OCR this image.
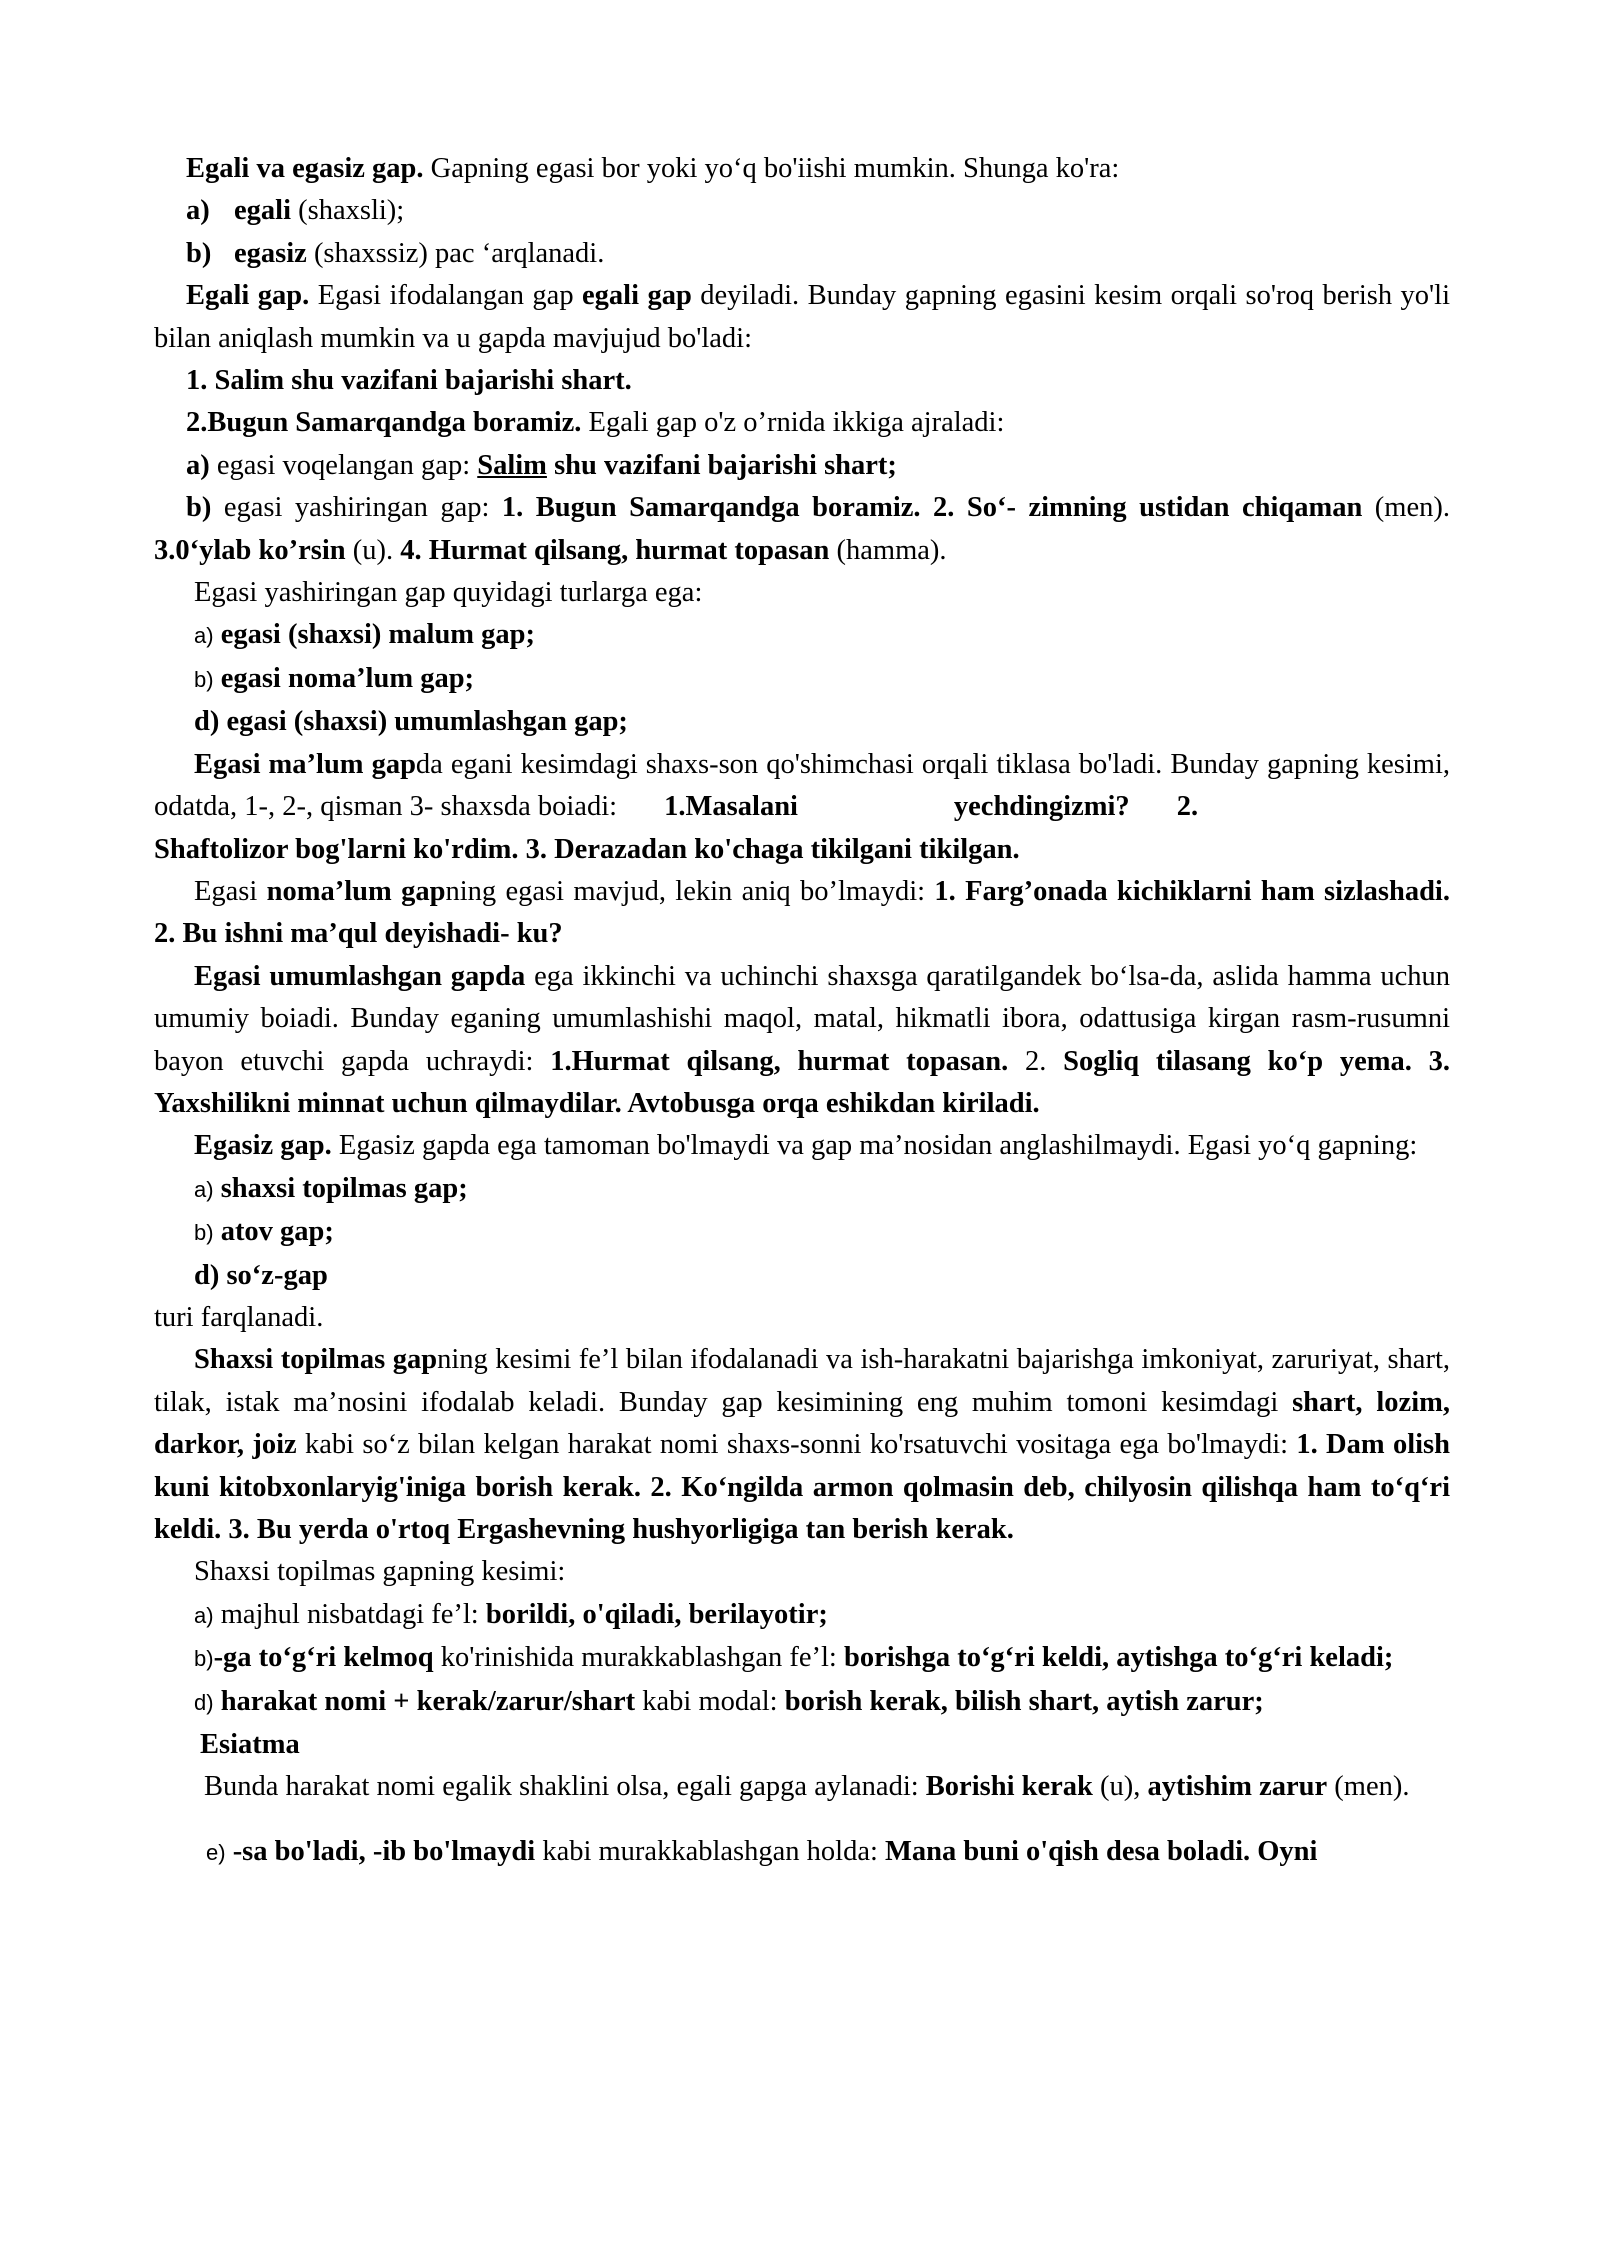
Egali va egasiz gap. Gapning egasi bor yoki yo‘q bo'iishi mumkin. Shunga ko'ra:

a) egali (shaxsli);

b) egasiz (shaxssiz) pac ‘arqlanadi.

Egali gap. Egasi ifodalangan gap egali gap deyiladi. Bunday gapning egasini kesim orqali so'roq berish yo'li bilan aniqlash mumkin va u gapda mavjujud bo'ladi:

1. Salim shu vazifani bajarishi shart.

2.Bugun Samarqandga boramiz. Egali gap o'z o’rnida ikkiga ajraladi:

a) egasi voqelangan gap: Salim shu vazifani bajarishi shart;

b) egasi yashiringan gap: 1. Bugun Samarqandga boramiz. 2. So‘- zimning ustidan chiqaman (men). 3.0‘ylab ko’rsin (u). 4. Hurmat qilsang, hurmat topasan (hamma).

Egasi yashiringan gap quyidagi turlarga ega:

a) egasi (shaxsi) malum gap;

b) egasi noma’lum gap;

d) egasi (shaxsi) umumlashgan gap;

Egasi ma’lum gapda egani kesimdagi shaxs-son qo'shimchasi orqali tiklasa bo'ladi. Bunday gapning kesimi, odatda, 1-, 2-, qisman 3- shaxsda boiadi: 1.Masalani yechdingizmi?	2.

Shaftolizor bog'larni ko'rdim. 3. Derazadan ko'chaga tikilgani tikilgan.

Egasi noma’lum gapning egasi mavjud, lekin aniq bo’lmaydi: 1. Farg’onada kichiklarni ham sizlashadi. 2. Bu ishni ma’qul deyishadi- ku?

Egasi umumlashgan gapda ega ikkinchi va uchinchi shaxsga qaratilgandek bo‘lsa-da, aslida hamma uchun umumiy boiadi. Bunday eganing umumlashishi maqol, matal, hikmatli ibora, odattusiga kirgan rasm-rusumni bayon etuvchi gapda uchraydi: 1.Hurmat qilsang, hurmat topasan. 2. Sogliq tilasang ko‘p yema. 3. Yaxshilikni minnat uchun qilmaydilar. Avtobusga orqa eshikdan kiriladi.

Egasiz gap. Egasiz gapda ega tamoman bo'lmaydi va gap ma’nosidan anglashilmaydi. Egasi yo‘q gapning:

a) shaxsi topilmas gap;

b) atov gap;

d) so‘z-gap

turi farqlanadi.

Shaxsi topilmas gapning kesimi fe’l bilan ifodalanadi va ish-harakatni bajarishga imkoniyat, zaruriyat, shart, tilak, istak ma’nosini ifodalab keladi. Bunday gap kesimining eng muhim tomoni kesimdagi shart, lozim, darkor, joiz kabi so‘z bilan kelgan harakat nomi shaxs-sonni ko'rsatuvchi vositaga ega bo'lmaydi: 1. Dam olish kuni kitobxonlaryig'iniga borish kerak. 2. Ko‘ngilda armon qolmasin deb, chilyosin qilishqa ham to‘q‘ri keldi. 3. Bu yerda o'rtoq Ergashevning hushyorligiga tan berish kerak.

Shaxsi topilmas gapning kesimi:

a) majhul nisbatdagi fe’l: borildi, o'qiladi, berilayotir;

b)-ga to‘g‘ri kelmoq ko'rinishida murakkablashgan fe’l: borishga to‘g‘ri keldi, aytishga to‘g‘ri keladi;

d) harakat nomi + kerak/zarur/shart kabi modal: borish kerak, bilish shart, aytish zarur;

Esiatma

Bunda harakat nomi egalik shaklini olsa, egali gapga aylanadi: Borishi kerak (u), aytishim zarur (men).

e) -sa bo'ladi, -ib bo'lmaydi kabi murakkablashgan holda: Mana buni o'qish desa boladi. Oyni
